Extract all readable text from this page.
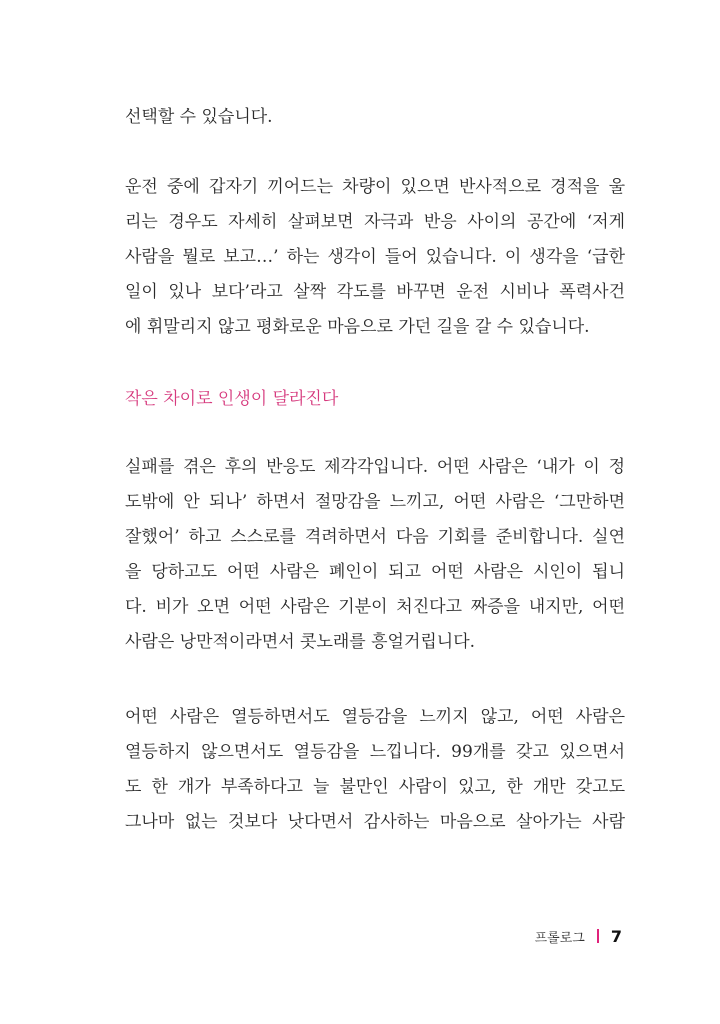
선택할 수 있습니다.
운전 중에 갑자기 끼어드는 차량이 있으면 반사적으로 경적을 울
리는 경우도 자세히 살펴보면 자극과 반응 사이의 공간에 ‘저게
사람을 뭘로 보고…’ 하는 생각이 들어 있습니다. 이 생각을 ‘급한
일이 있나 보다’라고 살짝 각도를 바꾸면 운전 시비나 폭력사건
에 휘말리지 않고 평화로운 마음으로 가던 길을 갈 수 있습니다.
작은 차이로 인생이 달라진다
실패를 겪은 후의 반응도 제각각입니다. 어떤 사람은 ‘내가 이 정
도밖에 안 되나’ 하면서 절망감을 느끼고, 어떤 사람은 ‘그만하면
잘했어’ 하고 스스로를 격려하면서 다음 기회를 준비합니다. 실연
을 당하고도 어떤 사람은 폐인이 되고 어떤 사람은 시인이 됩니
다. 비가 오면 어떤 사람은 기분이 처진다고 짜증을 내지만, 어떤
사람은 낭만적이라면서 콧노래를 흥얼거립니다.
어떤 사람은 열등하면서도 열등감을 느끼지 않고, 어떤 사람은
열등하지 않으면서도 열등감을 느낍니다. 99개를 갖고 있으면서
도 한 개가 부족하다고 늘 불만인 사람이 있고, 한 개만 갖고도
그나마 없는 것보다 낫다면서 감사하는 마음으로 살아가는 사람
프롤로그 7
